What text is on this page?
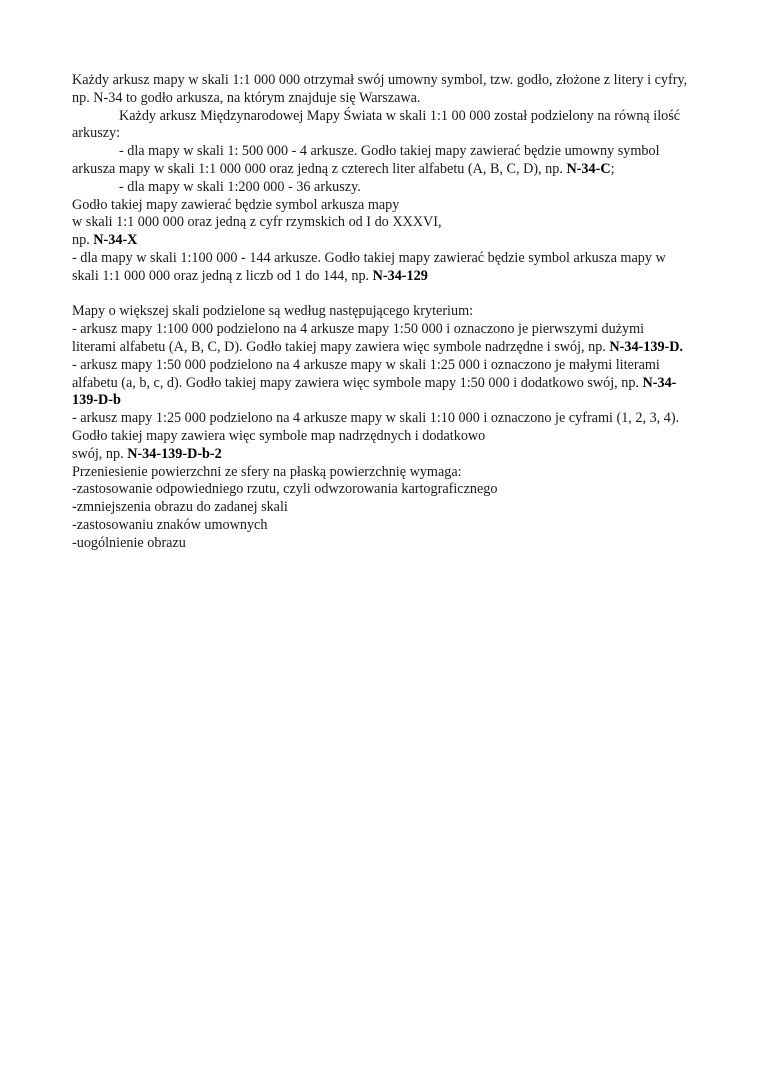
Każdy arkusz mapy w skali 1:1 000 000 otrzymał swój umowny symbol, tzw. godło, złożone z litery i cyfry, np. N-34 to godło arkusza, na którym znajduje się Warszawa.

Każdy arkusz Międzynarodowej Mapy Świata w skali 1:1 00 000 został podzielony na równą ilość arkuszy:

- dla mapy w skali 1: 500 000 - 4 arkusze. Godło takiej mapy zawierać będzie umowny symbol arkusza mapy w skali 1:1 000 000 oraz jedną z czterech liter alfabetu (A, B, C, D), np. N-34-C;

- dla mapy w skali 1:200 000 - 36 arkuszy.

Godło takiej mapy zawierać będzie symbol arkusza mapy

w skali 1:1 000 000 oraz jedną z cyfr rzymskich od I do XXXVI,

np. N-34-X

- dla mapy w skali 1:100 000 - 144 arkusze. Godło takiej mapy zawierać będzie symbol arkusza mapy w skali 1:1 000 000 oraz jedną z liczb od 1 do 144, np. N-34-129

Mapy o większej skali podzielone są według następującego kryterium:

- arkusz mapy 1:100 000 podzielono na 4 arkusze mapy 1:50 000 i oznaczono je pierwszymi dużymi literami alfabetu (A, B, C, D). Godło takiej mapy zawiera więc symbole nadrzędne i swój, np. N-34-139-D.

- arkusz mapy 1:50 000 podzielono na 4 arkusze mapy w skali 1:25 000 i oznaczono je małymi literami alfabetu (a, b, c, d). Godło takiej mapy zawiera więc symbole mapy 1:50 000 i dodatkowo swój, np. N-34-139-D-b

- arkusz mapy 1:25 000 podzielono na 4 arkusze mapy w skali 1:10 000 i oznaczono je cyframi (1, 2, 3, 4). Godło takiej mapy zawiera więc symbole map nadrzędnych i dodatkowo

swój, np. N-34-139-D-b-2

Przeniesienie powierzchni ze sfery na płaską powierzchnię wymaga:

-zastosowanie odpowiedniego rzutu, czyli odwzorowania kartograficznego

-zmniejszenia obrazu do zadanej skali

-zastosowaniu znaków umownych

-uogólnienie obrazu
